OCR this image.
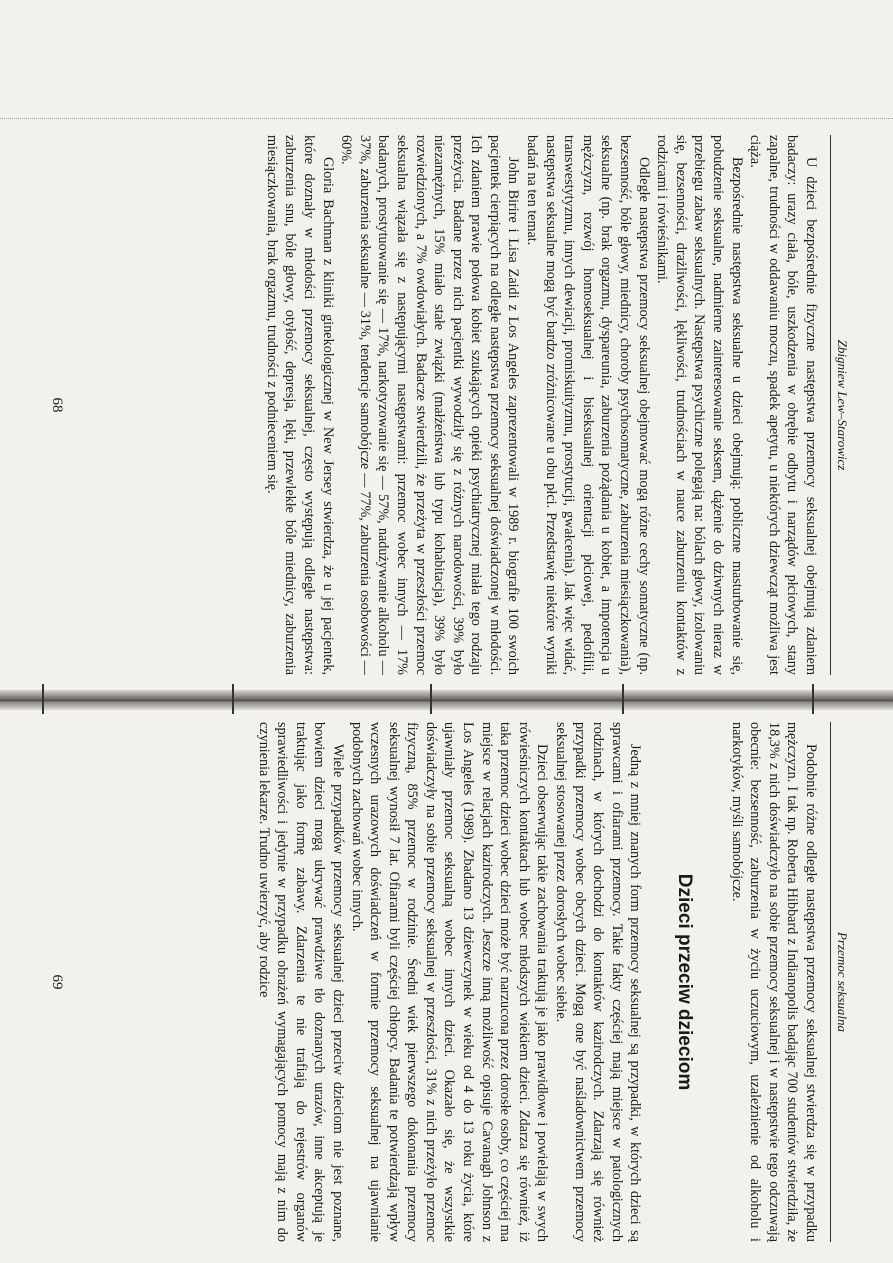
Zbigniew Lew–Starowicz

U dzieci bezpośrednie fizyczne następstwa przemocy seksualnej obejmują zdaniem badaczy: urazy ciała, bóle, uszkodzenia w obrębie odbytu i narządów płciowych, stany zapalne, trudności w oddawaniu moczu, spadek apetytu, u niektórych dziewcząt możliwa jest ciąża.

Bezpośrednie następstwa seksualne u dzieci obejmują: pobliczne masturbowanie się, pobudzenie seksualne, nadmierne zainteresowanie seksem, dążenie do dziwnych nieraz w przebiegu zabaw seksualnych. Następstwa psychiczne polegają na: bólach głowy, izolowaniu się, bezsenności, drażliwości, lękliwości, trudnościach w nauce zaburzeniu kontaktów z rodzicami i rówieśnikami.

Odległe następstwa przemocy seksualnej obejmować mogą różne cechy somatyczne (np. bezsenność, bóle głowy, miednicy, choroby psychosomatyczne, zaburzenia miesiączkowania), seksualne (np. brak orgazmu, dyspareunia, zaburzenia pożądania u kobiet, a impotencja u mężczyzn, rozwój homoseksualnej i biseksualnej orientacji płciowej, pedofilii, transwestytyzmu, innych dewiacji, promiskuityzmu, prostytucji, gwałcenia). Jak więc widać, następstwa seksualne mogą być bardzo zróżnicowane u obu płci. Przedstawię niektóre wyniki badań na ten temat.

John Birire i Lisa Zaidi z Los Angeles zaprezentowali w 1989 r. biografie 100 swoich pacjentek cierpiących na odległe następstwa przemocy seksualnej doświadczonej w młodości. Ich zdaniem prawie połowa kobiet szukających opieki psychiatrycznej miała tego rodzaju przeżycia. Badane przez nich pacjentki wywodziły się z różnych narodowości, 39% było niezamężnych, 15% miało stałe związki (małżeństwa lub typu kohabitacja), 39% było rozwiedzionych, a 7% owdowiałych. Badacze stwierdzili, że przeżyta w przeszłości przemoc seksualna wiązała się z następującymi następstwami: przemoc wobec innych — 17% badanych, prostytuowanie się — 17%, narkotyzowanie się — 57%, nadużywanie alkoholu — 37%, zaburzenia seksualne — 31%, tendencje samobójcze — 77%, zaburzenia osobowości — 60%.

Gloria Bachman z kliniki ginekologicznej w New Jersey stwierdza, że u jej pacjentek, które doznały w młodości przemocy seksualnej, często występują odległe następstwa: zaburzenia snu, bóle głowy, otyłość, depresja, lęki, przewlekłe bóle miednicy, zaburzenia miesiączkowania, brak orgazmu, trudności z podnieceniem się.

68
Przemoc seksualna

Podobnie różne odległe następstwa przemocy seksualnej stwierdza się w przypadku mężczyzn. I tak np. Roberta Hibbard z Indianopolis badając 700 studentów stwierdziła, że 18,3% z nich doświadczyło na sobie przemocy seksualnej i w następstwie tego odczuwają obecnie: bezsenność, zaburzenia w życiu uczuciowym, uzależnienie od alkoholu i narkotyków, myśli samobójcze.

Dzieci przeciw dzieciom

Jedną z mniej znanych form przemocy seksualnej są przypadki, w których dzieci są sprawcami i ofiarami przemocy. Takie fakty częściej mają miejsce w patologicznych rodzinach, w których dochodzi do kontaktów kazirodczych. Zdarzają się również przypadki przemocy wobec obcych dzieci. Mogą one być naśladownictwem przemocy seksualnej stosowanej przez dorosłych wobec siebie.

Dzieci obserwując takie zachowania traktują je jako prawidłowe i powielają w swych rówieśniczych kontaktach lub wobec młodszych wiekiem dzieci. Zdarza się również, iż taka przemoc dzieci wobec dzieci może być narzucona przez dorosłe osoby, co częściej ma miejsce w relacjach kazirodczych. Jeszcze inną możliwość opisuje Cavanagh Johnson z Los Angeles (1989). Zbadano 13 dziewczynek w wieku od 4 do 13 roku życia, które ujawniały przemoc seksualną wobec innych dzieci. Okazało się, że wszystkie doświadczyły na sobie przemocy seksualnej w przeszłości, 31% z nich przeżyło przemoc fizyczną, 85% przemoc w rodzinie. Średni wiek pierwszego dokonania przemocy seksualnej wynosił 7 lat. Ofiarami byli częściej chłopcy. Badania te potwierdzają wpływ wczesnych urazowych doświadczeń w formie przemocy seksualnej na ujawnianie podobnych zachowań wobec innych.

Wiele przypadków przemocy seksualnej dzieci przeciw dzieciom nie jest poznane, bowiem dzieci mogą ukrywać prawdziwe tło doznanych urazów, inne akceptują je traktując jako formę zabawy. Zdarzenia te nie trafiają do rejestrów organów sprawiedliwości i jedynie w przypadku obrażeń wymagających pomocy mają z nim do czynienia lekarze. Trudno uwierzyć, aby rodzice

69
